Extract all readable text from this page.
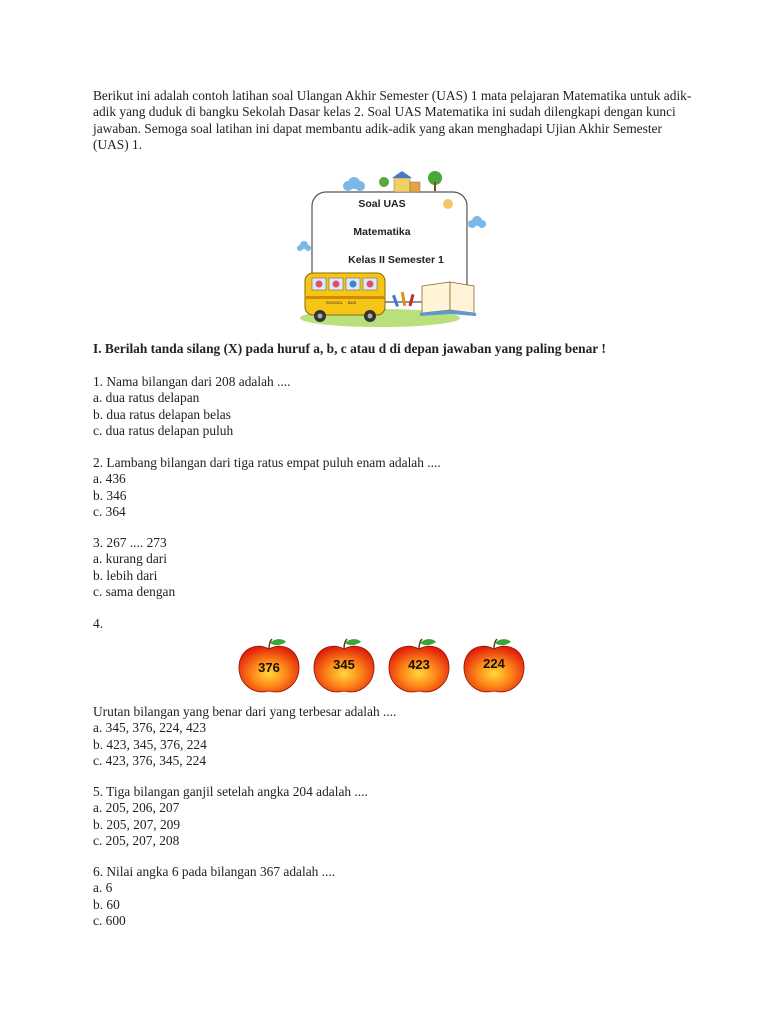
Berikut ini adalah contoh latihan soal Ulangan Akhir Semester (UAS) 1 mata pelajaran Matematika untuk adik-adik yang duduk di bangku Sekolah Dasar kelas 2. Soal UAS Matematika ini sudah dilengkapi dengan kunci jawaban. Semoga soal latihan ini dapat membantu adik-adik yang akan menghadapi Ujian Akhir Semester (UAS) 1.

Soal UAS
Matematika
Kelas II Semester 1
SCHOOL BUS
I. Berilah tanda silang (X) pada huruf a, b, c atau d di depan jawaban yang paling benar !
1. Nama bilangan dari 208 adalah ....
a. dua ratus delapan
b. dua ratus delapan belas
c. dua ratus delapan puluh
2. Lambang bilangan dari tiga ratus empat puluh enam adalah ....
a. 436
b. 346
c. 364
3. 267 .... 273
a. kurang dari
b. lebih dari
c. sama dengan
4.
376	345	423	224
Urutan bilangan yang benar dari yang terbesar adalah ....
a. 345, 376, 224, 423
b. 423, 345, 376, 224
c. 423, 376, 345, 224
5. Tiga bilangan ganjil setelah angka 204 adalah ....
a. 205, 206, 207
b. 205, 207, 209
c. 205, 207, 208
6. Nilai angka 6 pada bilangan 367 adalah ....
a. 6
b. 60
c. 600
